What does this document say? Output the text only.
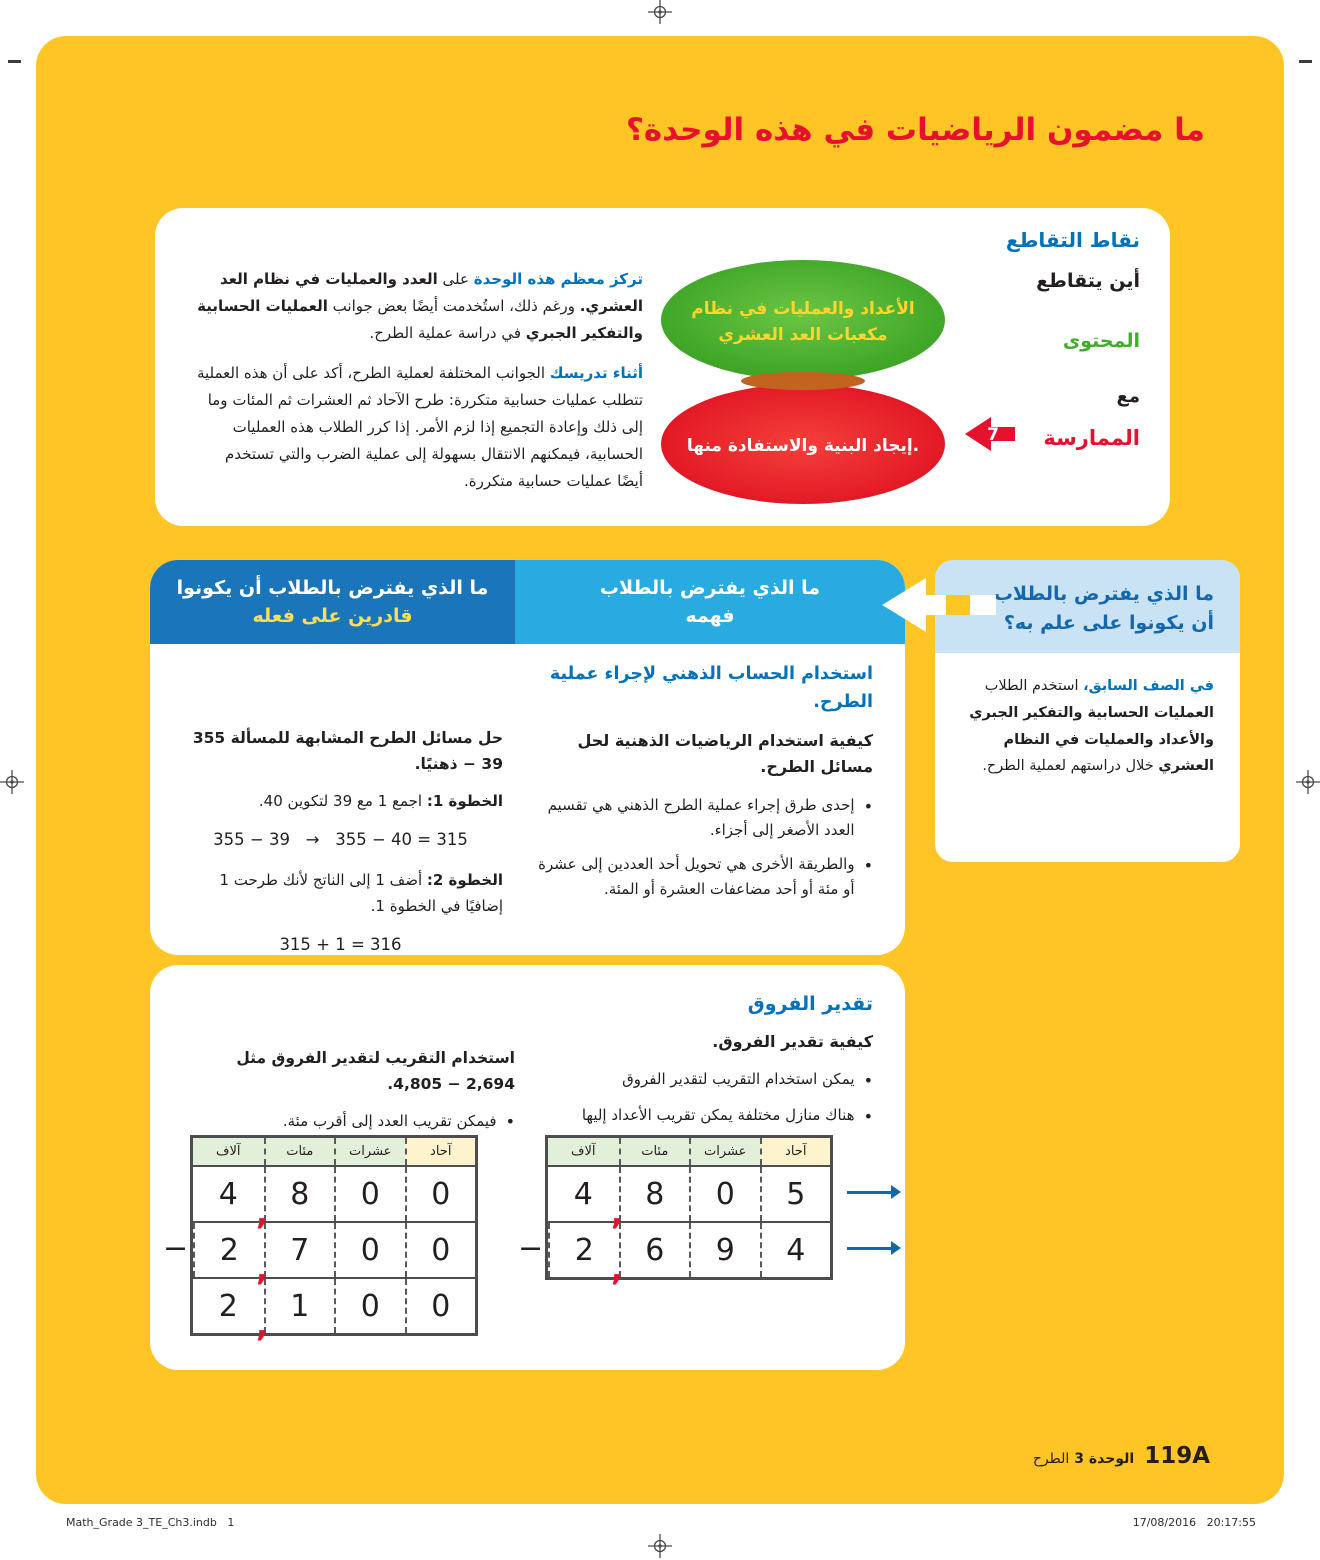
ما مضمون الرياضيات في هذه الوحدة؟
نقاط التقاطع
أين يتقاطع
المحتوى
مع
الممارسة
7
الأعداد والعمليات في نظام
مكعبات العد العشري
إيجاد البنية والاستفادة منها.

تركز معظم هذه الوحدة على العدد والعمليات في نظام العد العشري. ورغم ذلك، استُخدمت أيضًا بعض جوانب العمليات الحسابية والتفكير الجبري في دراسة عملية الطرح.

أثناء تدريسك الجوانب المختلفة لعملية الطرح، أكد على أن هذه العملية تتطلب عمليات حسابية متكررة: طرح الآحاد ثم العشرات ثم المئات وما إلى ذلك وإعادة التجميع إذا لزم الأمر. إذا كرر الطلاب هذه العمليات الحسابية، فيمكنهم الانتقال بسهولة إلى عملية الضرب والتي تستخدم أيضًا عمليات حسابية متكررة.

ما الذي يفترض بالطلاب
أن يكونوا على علم به؟
في الصف السابق، استخدم الطلاب العمليات الحسابية والتفكير الجبري والأعداد والعمليات في النظام العشري خلال دراستهم لعملية الطرح.
ما الذي يفترض بالطلاب أن يكونوا
قادرين على فعله
ما الذي يفترض بالطلاب
فهمه
استخدام الحساب الذهني لإجراء عملية الطرح.
كيفية استخدام الرياضيات الذهنية لحل مسائل الطرح.
•
إحدى طرق إجراء عملية الطرح الذهني هي تقسيم العدد الأصغر إلى أجزاء.
•
والطريقة الأخرى هي تحويل أحد العددين إلى عشرة أو مئة أو أحد مضاعفات العشرة أو المئة.
حل مسائل الطرح المشابهة للمسألة 355 − 39 ذهنيًا.
الخطوة 1: اجمع 1 مع 39 لتكوين 40.
355 − 39   →   355 − 40 = 315
الخطوة 2: أضف 1 إلى الناتج لأنك طرحت 1 إضافيًا في الخطوة 1.
315 + 1 = 316
تقدير الفروق
كيفية تقدير الفروق.
•
يمكن استخدام التقريب لتقدير الفروق
•
هناك منازل مختلفة يمكن تقريب الأعداد إليها
استخدام التقريب لتقدير الفروق مثل 4,805 − 2,694.
•
فيمكن تقريب العدد إلى أقرب مئة.
آلاف	مئات	عشرات	آحاد
4	8	0	5
,
−	2	6	9	4
,
آلاف	مئات	عشرات	آحاد
4	8	0	0
,
−	2	7	0	0
,
2	1	0	0
,
الوحدة 3
الطرح	119A
Math_Grade 3_TE_Ch3.indb   1	17/08/2016   20:17:55
